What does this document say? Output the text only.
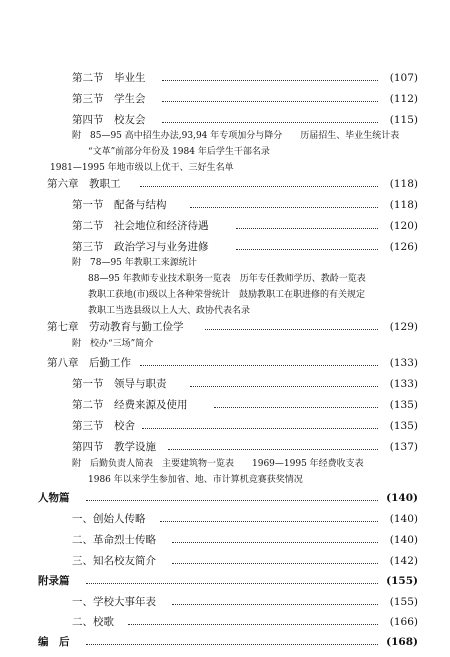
第二节　毕业生	(107)
第三节　学生会	(112)
第四节　校友会	(115)
附　85—95 高中招生办法,93,94 年专项加分与降分　　历届招生、毕业生统计表
“文革”前部分年份及 1984 年后学生干部名录
1981—1995 年地市级以上优干、三好生名单
第六章　教职工	(118)
第一节　配备与结构	(118)
第二节　社会地位和经济待遇	(120)
第三节　政治学习与业务进修	(126)
附　78—95 年教职工来源统计
88—95 年教师专业技术职务一览表　历年专任教师学历、教龄一览表
教职工获地(市)级以上各种荣誉统计　鼓励教职工在职进修的有关规定
教职工当选县级以上人大、政协代表名录
第七章　劳动教育与勤工俭学	(129)
附　校办“三场”简介
第八章　后勤工作	(133)
第一节　领导与职责	(133)
第二节　经费来源及使用	(135)
第三节　校舍	(135)
第四节　教学设施	(137)
附　后勤负责人简表　主要建筑物一览表　　1969—1995 年经费收支表
1986 年以来学生参加省、地、市计算机竞赛获奖情况
人物篇	(140)
一、创始人传略	(140)
二、革命烈士传略	(140)
三、知名校友简介	(142)
附录篇	(155)
一、学校大事年表	(155)
二、校歌	(166)
编　后	(168)
